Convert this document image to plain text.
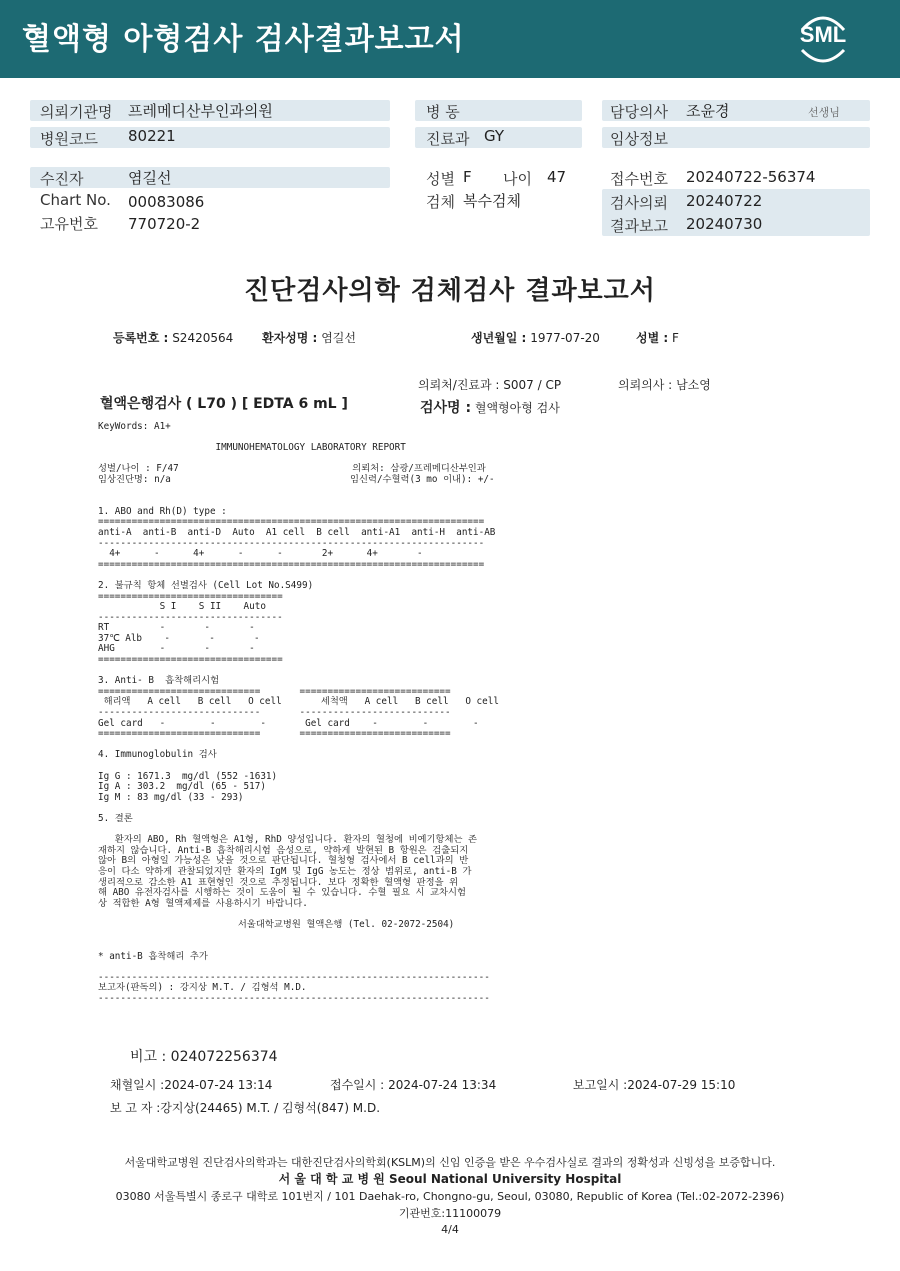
혈액형 아형검사 검사결과보고서	SML
의뢰기관명 프레메디산부인과의원
병원코드 80221
병 동
진료과 GY
담당의사 조윤경	선생님
임상정보
수진자	염길선
Chart No. 00083086
고유번호 770720-2
성별 F 나이 47
검체 복수검체
접수번호 20240722-56374
검사의뢰 20240722
결과보고 20240730
진단검사의학 검체검사 결과보고서
등록번호 : S2420564 환자성명 : 염길선	생년월일 : 1977-07-20	성별 : F
의뢰처/진료과 : S007 / CP	의뢰의사 : 남소영
혈액은행검사 ( L70 ) [ EDTA 6 mL ]	검사명 : 혈액형아형 검사
KeyWords: A1+

IMMUNOHEMATOLOGY LABORATORY REPORT

성별/나이 : F/47                               의뢰처: 삼광/프레메디산부인과
임상진단명: n/a                                임신력/수혈력(3 mo 이내): +/-

1. ABO and Rh(D) type :
=====================================================================
anti-A  anti-B  anti-D  Auto  A1 cell  B cell  anti-A1  anti-H  anti-AB
---------------------------------------------------------------------
4+      -      4+      -      -       2+      4+       -
=====================================================================

2. 불규칙 항체 선별검사 (Cell Lot No.S499)
=================================
S I    S II    Auto
---------------------------------
RT         -       -       -
37℃ Alb    -       -       -
AHG        -       -       -
=================================

3. Anti- B  흡착해리시험
=============================       ===========================
해리액   A cell   B cell   O cell       세척액   A cell   B cell   O cell
-----------------------------       ---------------------------
Gel card   -        -        -       Gel card    -        -        -
=============================       ===========================

4. Immunoglobulin 검사

Ig G : 1671.3  mg/dl (552 -1631)
Ig A : 303.2  mg/dl (65 - 517)
Ig M : 83 mg/dl (33 - 293)

5. 결론

환자의 ABO, Rh 혈액형은 A1형, RhD 양성입니다. 환자의 혈청에 비예기항체는 존
재하지 않습니다. Anti-B 흡착해리시험 음성으로, 약하게 발현된 B 항원은 검출되지
않아 B의 아형일 가능성은 낮을 것으로 판단됩니다. 혈청형 검사에서 B cell과의 반
응이 다소 약하게 관찰되었지만 환자의 IgM 및 IgG 농도는 정상 범위로, anti-B 가
생리적으로 감소한 A1 표현형인 것으로 추정됩니다. 보다 정확한 혈액형 판정을 위
해 ABO 유전자검사를 시행하는 것이 도움이 될 수 있습니다. 수혈 필요 시 교차시험
상 적합한 A형 혈액제제를 사용하시기 바랍니다.

서울대학교병원 혈액은행 (Tel. 02-2072-2504)

* anti-B 흡착해리 추가

----------------------------------------------------------------------
보고자(판독의) : 강지상 M.T. / 김형석 M.D.
----------------------------------------------------------------------
비고 : 024072256374
채혈일시 :2024-07-24 13:14	접수일시 : 2024-07-24 13:34	보고일시 :2024-07-29 15:10
보 고 자 :강지상(24465) M.T. / 김형석(847) M.D.
서울대학교병원 진단검사의학과는 대한진단검사의학회(KSLM)의 신임 인증을 받은 우수검사실로 결과의 정확성과 신빙성을 보증합니다.
서 울 대 학 교 병 원 Seoul National University Hospital
03080 서울특별시 종로구 대학로 101번지 / 101 Daehak-ro, Chongno-gu, Seoul, 03080, Republic of Korea (Tel.:02-2072-2396)
기관번호:11100079
4/4
